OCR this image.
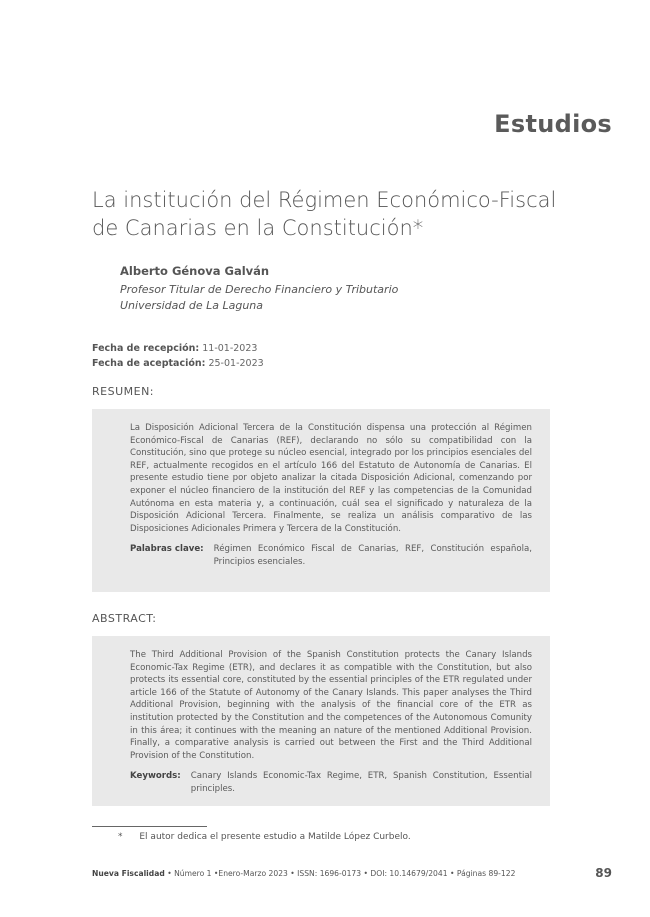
Estudios
La institución del Régimen Económico-Fiscal
de Canarias en la Constitución*
Alberto Génova Galván
Profesor Titular de Derecho Financiero y Tributario
Universidad de La Laguna
Fecha de recepción: 11-01-2023
Fecha de aceptación: 25-01-2023
RESUMEN:

La Disposición Adicional Tercera de la Constitución dispensa una protección al Régimen Económico-Fiscal de Canarias (REF), declarando no sólo su compatibilidad con la Constitución, sino que protege su núcleo esencial, integrado por los principios esenciales del REF, actualmente recogidos en el artículo 166 del Estatuto de Autonomía de Canarias. El presente estudio tiene por objeto analizar la citada Disposición Adicional, comenzando por exponer el núcleo financiero de la institución del REF y las competencias de la Comunidad Autónoma en esta materia y, a continuación, cuál sea el significado y naturaleza de la Disposición Adicional Tercera. Finalmente, se realiza un análisis comparativo de las Disposiciones Adicionales Primera y Tercera de la Constitución.

Palabras clave: Régimen Económico Fiscal de Canarias, REF, Constitución española, Principios esenciales.
ABSTRACT:

The Third Additional Provision of the Spanish Constitution protects the Canary Islands Economic-Tax Regime (ETR), and declares it as compatible with the Constitution, but also protects its essential core, constituted by the essential principles of the ETR regulated under article 166 of the Statute of Autonomy of the Canary Islands. This paper analyses the Third Additional Provision, beginning with the analysis of the financial core of the ETR as institution protected by the Constitution and the competences of the Autonomous Comunity in this área; it continues with the meaning an nature of the mentioned Additional Provision. Finally, a comparative analysis is carried out between the First and the Third Additional Provision of the Constitution.

Keywords: Canary Islands Economic-Tax Regime, ETR, Spanish Constitution, Essential principles.
* El autor dedica el presente estudio a Matilde López Curbelo.
Nueva Fiscalidad • Número 1 •Enero-Marzo 2023 • ISSN: 1696-0173 • DOI: 10.14679/2041 • Páginas 89-122	89
